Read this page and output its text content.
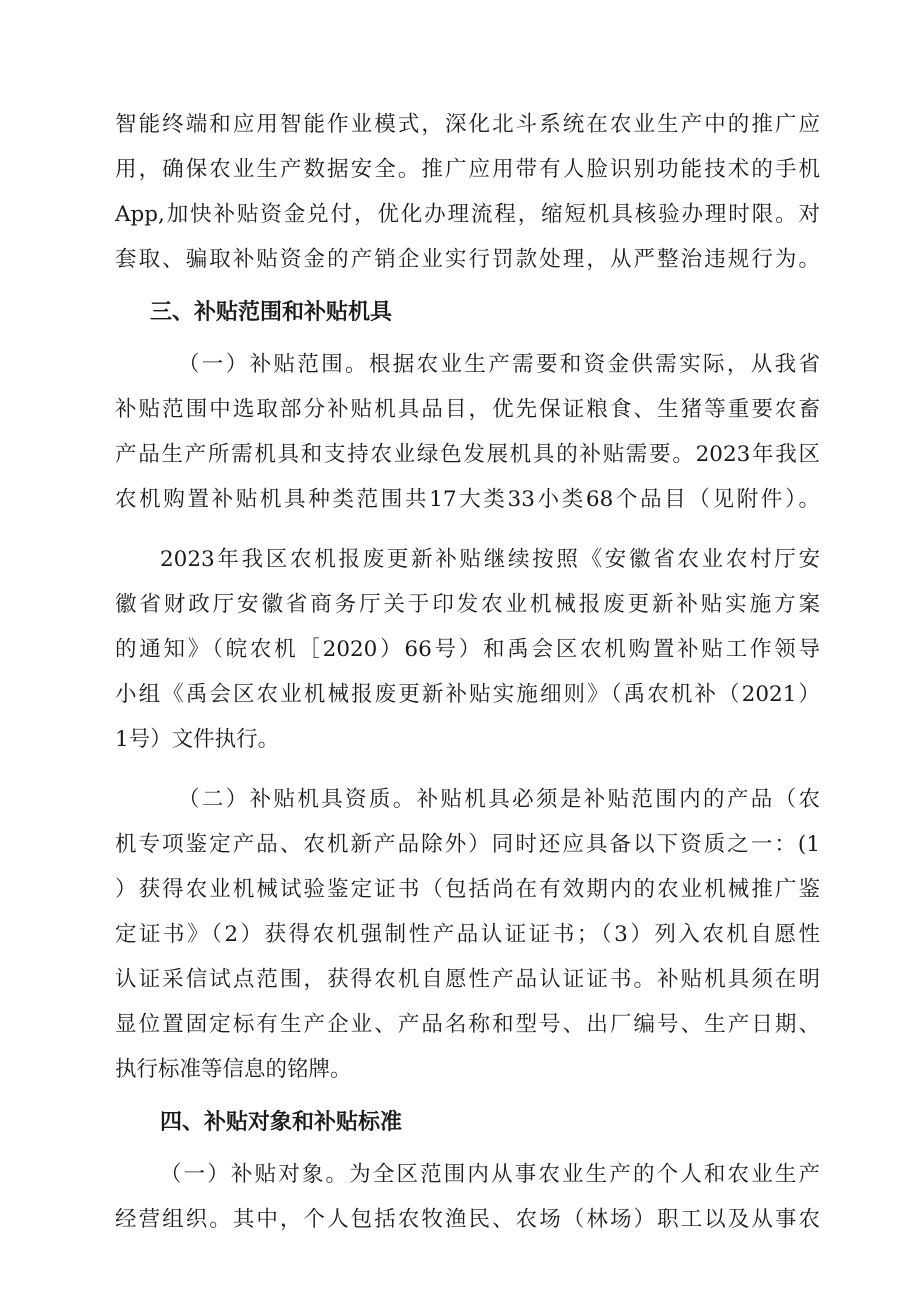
智能终端和应用智能作业模式，深化北斗系统在农业生产中的推广应
用，确保农业生产数据安全。推广应用带有人脸识别功能技术的手机
App,加快补贴资金兑付，优化办理流程，缩短机具核验办理时限。对
套取、骗取补贴资金的产销企业实行罚款处理，从严整治违规行为。
三、补贴范围和补贴机具
（一）补贴范围。根据农业生产需要和资金供需实际，从我省
补贴范围中选取部分补贴机具品目，优先保证粮食、生猪等重要农畜
产品生产所需机具和支持农业绿色发展机具的补贴需要。2023年我区
农机购置补贴机具种类范围共17大类33小类68个品目（见附件）。
2023年我区农机报废更新补贴继续按照《安徽省农业农村厅安
徽省财政厅安徽省商务厅关于印发农业机械报废更新补贴实施方案
的通知》（皖农机［2020）66号）和禹会区农机购置补贴工作领导
小组《禹会区农业机械报废更新补贴实施细则》（禹农机补（2021）
1号）文件执行。
（二）补贴机具资质。补贴机具必须是补贴范围内的产品（农
机专项鉴定产品、农机新产品除外）同时还应具备以下资质之一：(1
）获得农业机械试验鉴定证书（包括尚在有效期内的农业机械推广鉴
定证书》（2）获得农机强制性产品认证证书；（3）列入农机自愿性
认证采信试点范围，获得农机自愿性产品认证证书。补贴机具须在明
显位置固定标有生产企业、产品名称和型号、出厂编号、生产日期、
执行标准等信息的铭牌。
四、补贴对象和补贴标准
（一）补贴对象。为全区范围内从事农业生产的个人和农业生产
经营组织。其中，个人包括农牧渔民、农场（林场）职工以及从事农
